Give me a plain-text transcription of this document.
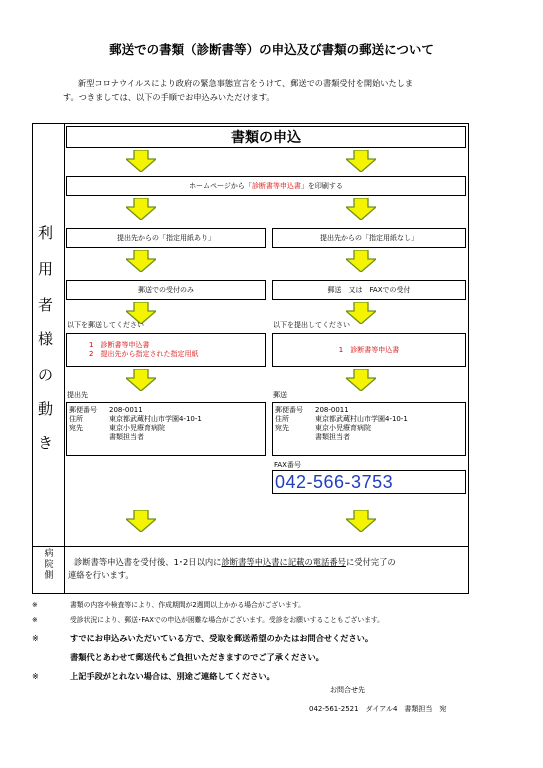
郵送での書類（診断書等）の申込及び書類の郵送について
新型コロナウイルスにより政府の緊急事態宣言をうけて、郵送での書類受付を開始いたしま
す。つきましては、以下の手順でお申込みいただけます。
利
用
者
様
の
動
き
病
院
側
書類の申込
ホームページから「 診断書等申込書 」を印刷する
提出先からの「指定用紙あり」	提出先からの「指定用紙なし」
郵送での受付のみ	郵送　又は　FAXでの受付
以下を郵送してください	以下を提出してください
1　診断書等申込書
2　提出先から指定された指定用紙
1　診断書等申込書
提出先	郵送
郵便番号	208-0011
住所	東京都武蔵村山市学園4-10-1
宛先	東京小児療育病院
書類担当者
郵便番号	208-0011
住所	東京都武蔵村山市学園4-10-1
宛先	東京小児療育病院
書類担当者
FAX番号
042-566-3753
診断書等申込書を受付後、1･2日以内に診断書等申込書に記載の電話番号に受付完了の
連絡を行います。
※	書類の内容や検査等により、作成期間が2週間以上かかる場合がございます。
※	受診状況により、郵送･FAXでの申込が困難な場合がございます。受診をお願いすることもございます。
※	すでにお申込みいただいている方で、受取を郵送希望のかたはお問合せください。
書類代とあわせて郵送代もご負担いただきますのでご了承ください。
※	上記手段がとれない場合は、別途ご連絡してください。
お問合せ先
042-561-2521　ダイアル4　書類担当　宛
